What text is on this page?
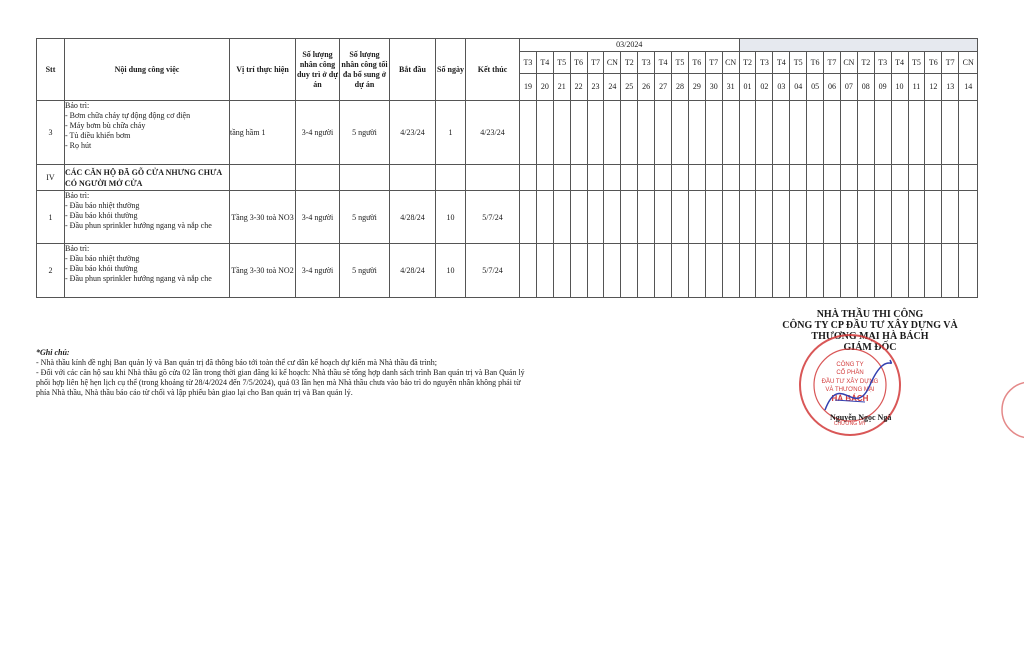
Stt	Nội dung công việc	Vị trí thực hiện	Số lượng nhân công duy trì ở dự án	Số lượng nhân công tối đa bổ sung ở dự án	Bắt đầu	Số ngày	Kết thúc	03/2024																											
								T3	T4	T5	T6	T7	CN	T2	T3	T4	T5	T6	T7	CN	T2	T3	T4	T5	T6	T7	CN	T2	T3	T4	T5	T6	T7	CN	
								19	20	21	22	23	24	25	26	27	28	29	30	31	01	02	03	04	05	06	07	08	09	10	11	12	13	14	
3	Bảo trì:
- Bơm chữa cháy tự động động cơ điện
- Máy bơm bù chữa cháy
- Tủ điều khiển bơm
- Rọ hút	tầng hầm 1	3-4 người	5 người	4/23/24	1	4/23/24																												
IV	CÁC CĂN HỘ ĐÃ GÕ CỬA NHƯNG CHƯA CÓ NGƯỜI MỞ CỬA																																		
1	Bảo trì:
- Đầu báo nhiệt thường
- Đầu báo khói thường
- Đầu phun sprinkler hướng ngang và nắp che	Tầng 3-30 toà NO3	3-4 người	5 người	4/28/24	10	5/7/24																												
2	Bảo trì:
- Đầu báo nhiệt thường
- Đầu báo khói thường
- Đầu phun sprinkler hướng ngang và nắp che	Tầng 3-30 toà NO2	3-4 người	5 người	4/28/24	10	5/7/24																												
*Ghi chú:
- Nhà thầu kính đề nghị Ban quản lý và Ban quản trị đã thông báo tới toàn thể cư dân kế hoạch dự kiến mà Nhà thầu đã trình;
- Đối với các căn hộ sau khi Nhà thầu gõ cửa 02 lần trong thời gian đăng kí kế hoạch: Nhà thầu sẽ tổng hợp danh sách trình Ban quản trị và Ban Quản lý phối hợp liên hệ hẹn lịch cụ thể (trong khoảng từ 28/4/2024 đến 7/5/2024), quá 03 lần hẹn mà Nhà thầu chưa vào bảo trì do nguyên nhân không phải từ phía Nhà thầu, Nhà thầu báo cáo từ chối và lập phiếu bàn giao lại cho Ban quản trị và Ban quản lý.
NHÀ THẦU THI CÔNG
CÔNG TY CP ĐẦU TƯ XÂY DỰNG VÀ
THƯƠNG MẠI HÀ BÁCH
GIÁM ĐỐC
CÔNG TY
CỔ PHẦN
ĐẦU TƯ XÂY DỰNG
VÀ THƯƠNG MẠI
HÀ BÁCH
CHƯƠNG MỸ
Nguyễn Ngọc Ngà
